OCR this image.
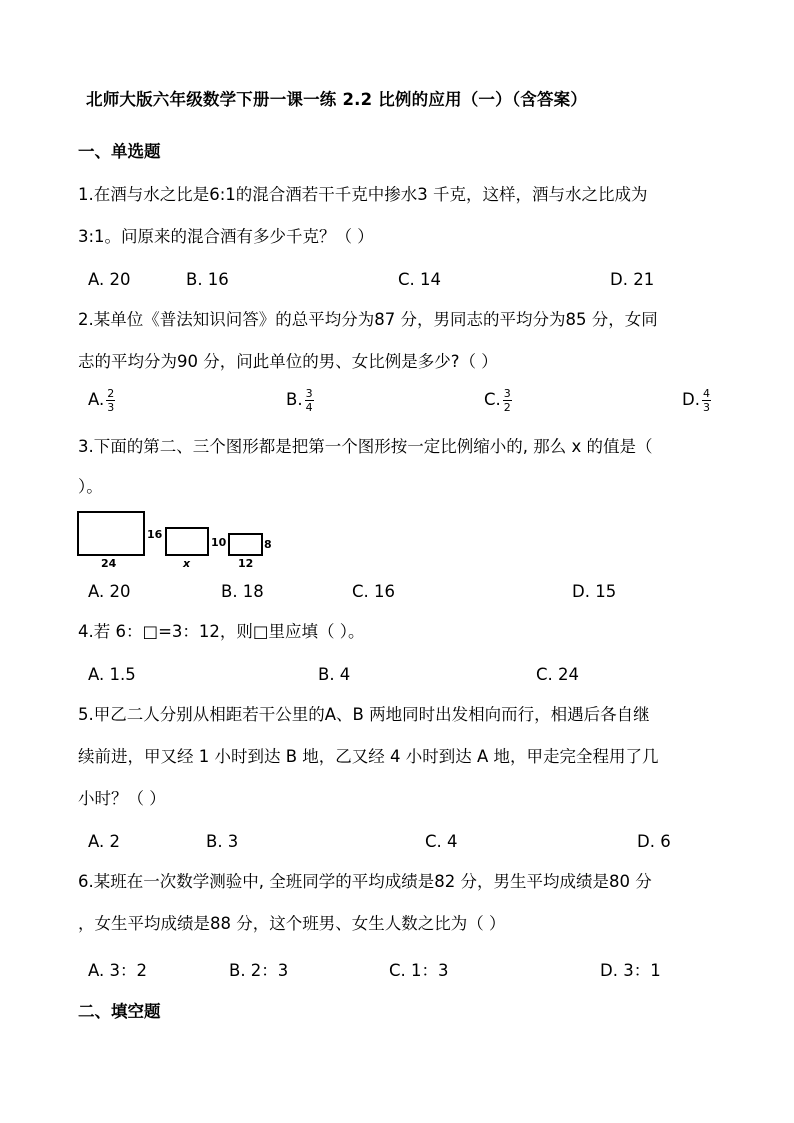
北师大版六年级数学下册一课一练 2.2 比例的应用（一）（含答案）
一、单选题
1.在酒与水之比是6:1的混合酒若干千克中掺水3 千克，这样，酒与水之比成为
3:1。问原来的混合酒有多少千克？（ ）
A. 20	B. 16	C. 14	D. 21
2.某单位《普法知识问答》的总平均分为87 分，男同志的平均分为85 分，女同
志的平均分为90 分，问此单位的男、女比例是多少?（ ）
A. $\frac{2}{3}$	B. $\frac{3}{4}$	C. $\frac{3}{2}$	D. $\frac{4}{3}$
3.下面的第二、三个图形都是把第一个图形按一定比例缩小的, 那么 x 的值是（
）。
24
16
x
10
12
8
A. 20	B. 18	C. 16	D. 15
4.若 6：□=3：12，则□里应填（ ）。
A. 1.5	B. 4	C. 24
5.甲乙二人分别从相距若干公里的A、B 两地同时出发相向而行，相遇后各自继
续前进，甲又经 1 小时到达 B 地，乙又经 4 小时到达 A 地，甲走完全程用了几
小时？（ ）
A. 2	B. 3	C. 4	D. 6
6.某班在一次数学测验中, 全班同学的平均成绩是82 分，男生平均成绩是80 分
，女生平均成绩是88 分，这个班男、女生人数之比为（ ）
A. 3：2	B. 2：3	C. 1：3	D. 3：1
二、填空题
